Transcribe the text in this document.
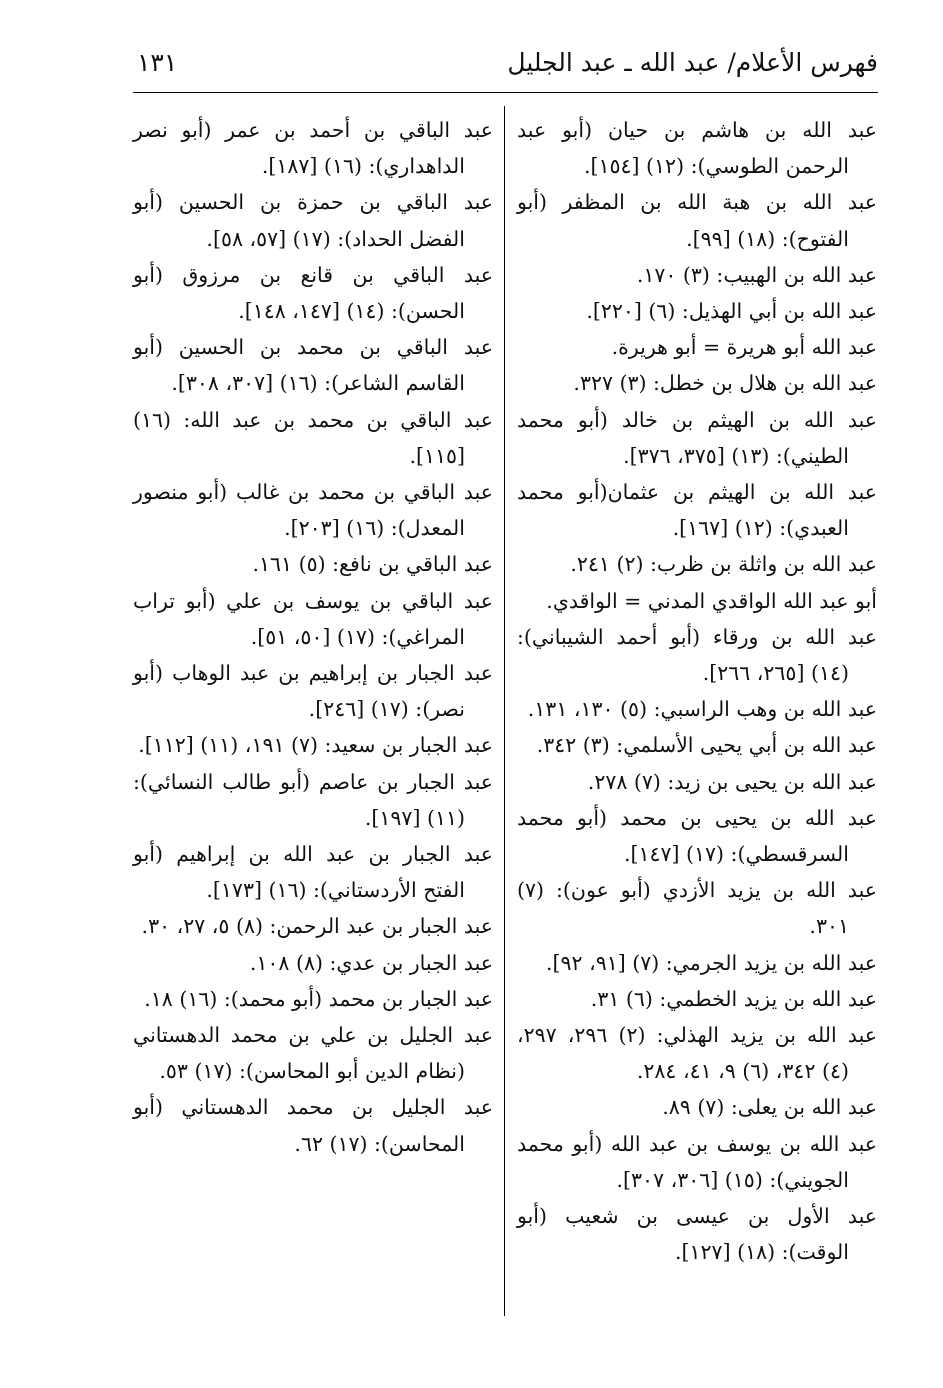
فهرس الأعلام/ عبد الله ـ عبد الجليل
١٣١
عبد الله بن هاشم بن حيان (أبو عبد الرحمن الطوسي): (١٢) [١٥٤].
عبد الله بن هبة الله بن المظفر (أبو الفتوح): (١٨) [٩٩].
عبد الله بن الهبيب: (٣) ١٧٠.
عبد الله بن أبي الهذيل: (٦) [٢٢٠].
عبد الله أبو هريرة = أبو هريرة.
عبد الله بن هلال بن خطل: (٣) ٣٢٧.
عبد الله بن الهيثم بن خالد (أبو محمد الطيني): (١٣) [٣٧٥، ٣٧٦].
عبد الله بن الهيثم بن عثمان(أبو محمد العبدي): (١٢) [١٦٧].
عبد الله بن واثلة بن ظرب: (٢) ٢٤١.
أبو عبد الله الواقدي المدني = الواقدي.
عبد الله بن ورقاء (أبو أحمد الشيباني): (١٤) [٢٦٥، ٢٦٦].
عبد الله بن وهب الراسبي: (٥) ١٣٠، ١٣١.
عبد الله بن أبي يحيى الأسلمي: (٣) ٣٤٢.
عبد الله بن يحيى بن زيد: (٧) ٢٧٨.
عبد الله بن يحيى بن محمد (أبو محمد السرقسطي): (١٧) [١٤٧].
عبد الله بن يزيد الأزدي (أبو عون): (٧) ٣٠١.
عبد الله بن يزيد الجرمي: (٧) [٩١، ٩٢].
عبد الله بن يزيد الخطمي: (٦) ٣١.
عبد الله بن يزيد الهذلي: (٢) ٢٩٦، ٢٩٧، (٤) ٣٤٢، (٦) ٩، ٤١، ٢٨٤.
عبد الله بن يعلى: (٧) ٨٩.
عبد الله بن يوسف بن عبد الله (أبو محمد الجويني): (١٥) [٣٠٦، ٣٠٧].
عبد الأول بن عيسى بن شعيب (أبو الوقت): (١٨) [١٢٧].
عبد الباقي بن أحمد بن عمر (أبو نصر الداهداري): (١٦) [١٨٧].
عبد الباقي بن حمزة بن الحسين (أبو الفضل الحداد): (١٧) [٥٧، ٥٨].
عبد الباقي بن قانع بن مرزوق (أبو الحسن): (١٤) [١٤٧، ١٤٨].
عبد الباقي بن محمد بن الحسين (أبو القاسم الشاعر): (١٦) [٣٠٧، ٣٠٨].
عبد الباقي بن محمد بن عبد الله: (١٦) [١١٥].
عبد الباقي بن محمد بن غالب (أبو منصور المعدل): (١٦) [٢٠٣].
عبد الباقي بن نافع: (٥) ١٦١.
عبد الباقي بن يوسف بن علي (أبو تراب المراغي): (١٧) [٥٠، ٥١].
عبد الجبار بن إبراهيم بن عبد الوهاب (أبو نصر): (١٧) [٢٤٦].
عبد الجبار بن سعيد: (٧) ١٩١، (١١) [١١٢].
عبد الجبار بن عاصم (أبو طالب النسائي): (١١) [١٩٧].
عبد الجبار بن عبد الله بن إبراهيم (أبو الفتح الأردستاني): (١٦) [١٧٣].
عبد الجبار بن عبد الرحمن: (٨) ٥، ٢٧، ٣٠.
عبد الجبار بن عدي: (٨) ١٠٨.
عبد الجبار بن محمد (أبو محمد): (١٦) ١٨.
عبد الجليل بن علي بن محمد الدهستاني (نظام الدين أبو المحاسن): (١٧) ٥٣.
عبد الجليل بن محمد الدهستاني (أبو المحاسن): (١٧) ٦٢.
